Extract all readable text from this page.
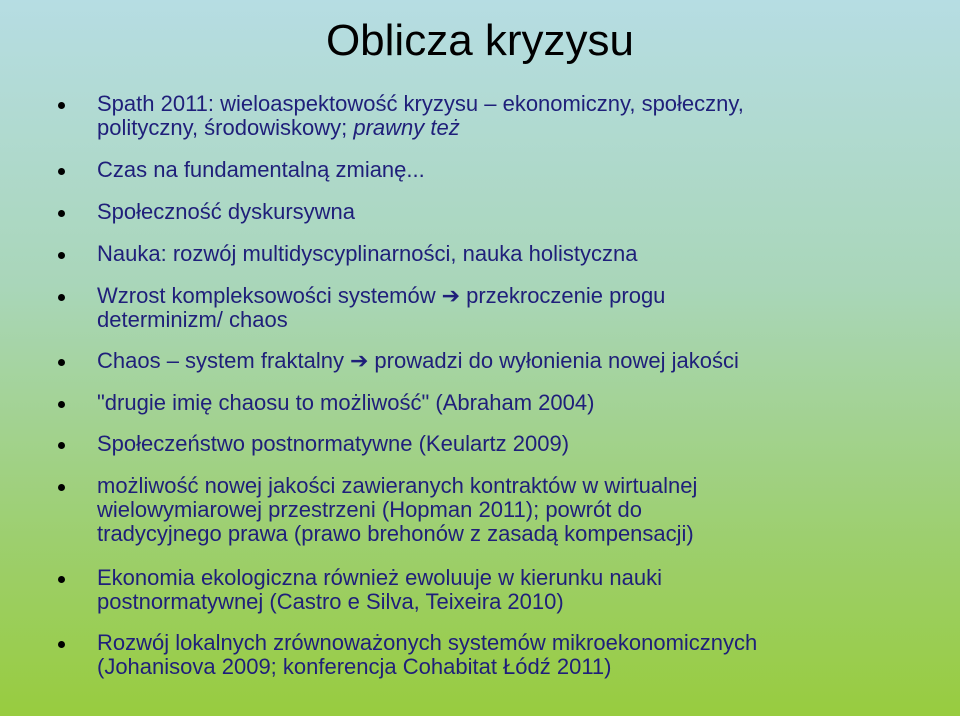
Oblicza kryzysu
Spath 2011: wieloaspektowość kryzysu – ekonomiczny, społeczny,
polityczny, środowiskowy; prawny też
Czas na fundamentalną zmianę...
Społeczność dyskursywna
Nauka: rozwój multidyscyplinarności, nauka holistyczna
Wzrost kompleksowości systemów ➔ przekroczenie progu
determinizm/ chaos
Chaos – system fraktalny ➔ prowadzi do wyłonienia nowej jakości
"drugie imię chaosu to możliwość" (Abraham 2004)
Społeczeństwo postnormatywne (Keulartz 2009)
możliwość nowej jakości zawieranych kontraktów w wirtualnej
wielowymiarowej przestrzeni (Hopman 2011); powrót do
tradycyjnego prawa (prawo brehonów z zasadą kompensacji)
Ekonomia ekologiczna również ewoluuje w kierunku nauki
postnormatywnej (Castro e Silva, Teixeira 2010)
Rozwój lokalnych zrównoważonych systemów mikroekonomicznych
(Johanisova 2009; konferencja Cohabitat Łódź 2011)
